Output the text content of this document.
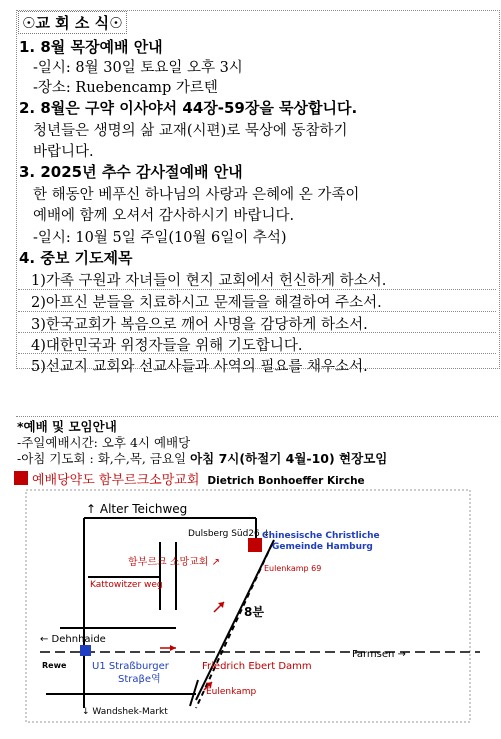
☉교 회 소 식☉
1. 8월 목장예배 안내
-일시: 8월 30일 토요일 오후 3시
-장소: Ruebencamp 가르텐
2. 8월은 구약 이사야서 44장-59장을 묵상합니다.
청년들은 생명의 삶 교재(시편)로 묵상에 동참하기
바랍니다.
3. 2025년 추수 감사절예배 안내
한 해동안 베푸신 하나님의 사랑과 은혜에 온 가족이
예배에 함께 오셔서 감사하시기 바랍니다.
-일시: 10월 5일 주일(10월 6일이 추석)
4. 중보 기도제목
1)가족 구원과 자녀들이 현지 교회에서 헌신하게 하소서.
2)아프신 분들을 치료하시고 문제들을 해결하여 주소서.
3)한국교회가 복음으로 깨어 사명을 감당하게 하소서.
4)대한민국과 위정자들을 위해 기도합니다.
5)선교지 교회와 선교사들과 사역의 필요를 채우소서.
*예배 및 모임안내
-주일예배시간: 오후 4시 예배당
-아침 기도회 : 화,수,목, 금요일 아침 7시(하절기 4월-10) 현장모임
예배당약도 함부르크소망교회 Dietrich Bonhoeffer Kirche
↑ Alter Teichweg
Dulsberg Süd26 ↓
Chinesische Christliche
Gemeinde Hamburg
함부르크 소망교회 ↗
Eulenkamp 69
Kattowitzer weg
8분
← Dehnhaide
Rewe	U1 Straßburger
Straβe역
Friedrich Ebert Damm
Farmsen →
Eulenkamp
↓ Wandshek-Markt
